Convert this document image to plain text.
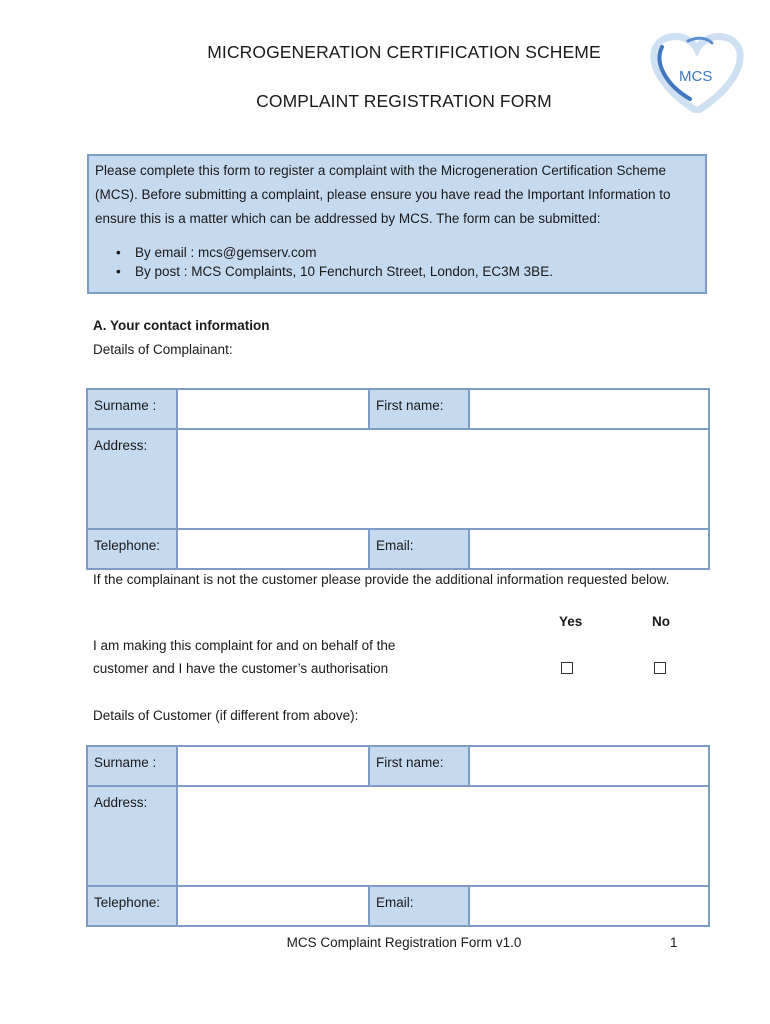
MICROGENERATION CERTIFICATION SCHEME
COMPLAINT REGISTRATION FORM
MCS

Please complete this form to register a complaint with the Microgeneration Certification Scheme (MCS). Before submitting a complaint, please ensure you have read the Important Information to ensure this is a matter which can be addressed by MCS. The form can be submitted:

• By email : mcs@gemserv.com
• By post : MCS Complaints, 10 Fenchurch Street, London, EC3M 3BE.
A. Your contact information
Details of Complainant:
Surname :		First name:	
Address:			
Telephone:		Email:	
If the complainant is not the customer please provide the additional information requested below.
Yes	No
I am making this complaint for and on behalf of the
customer and I have the customer’s authorisation
Details of Customer (if different from above):
Surname :		First name:	
Address:			
Telephone:		Email:	
MCS Complaint Registration Form v1.0	1
